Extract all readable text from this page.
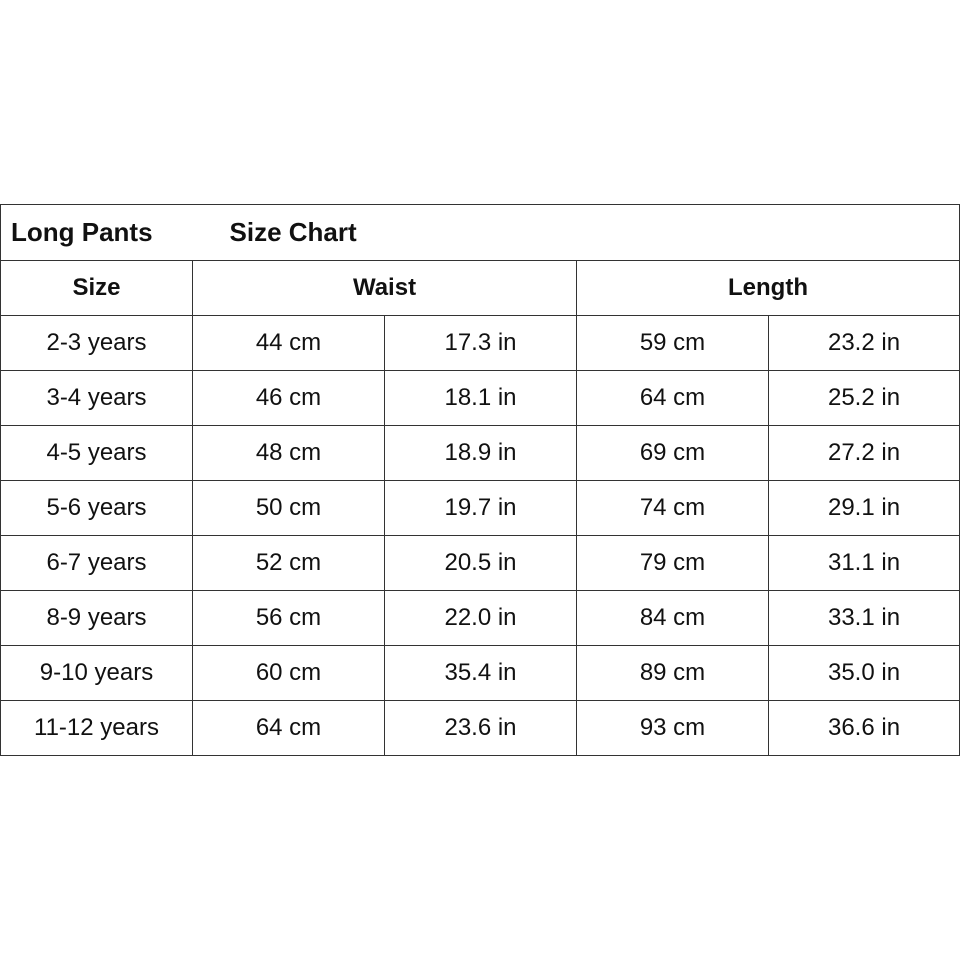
Long Pants	Size Chart			
Size	Waist		Length	
2-3 years	44 cm	17.3 in	59 cm	23.2 in
3-4 years	46 cm	18.1 in	64 cm	25.2 in
4-5 years	48 cm	18.9 in	69 cm	27.2 in
5-6 years	50 cm	19.7 in	74 cm	29.1 in
6-7 years	52 cm	20.5 in	79 cm	31.1 in
8-9 years	56 cm	22.0 in	84 cm	33.1 in
9-10 years	60 cm	35.4 in	89 cm	35.0 in
11-12 years	64 cm	23.6 in	93 cm	36.6 in
